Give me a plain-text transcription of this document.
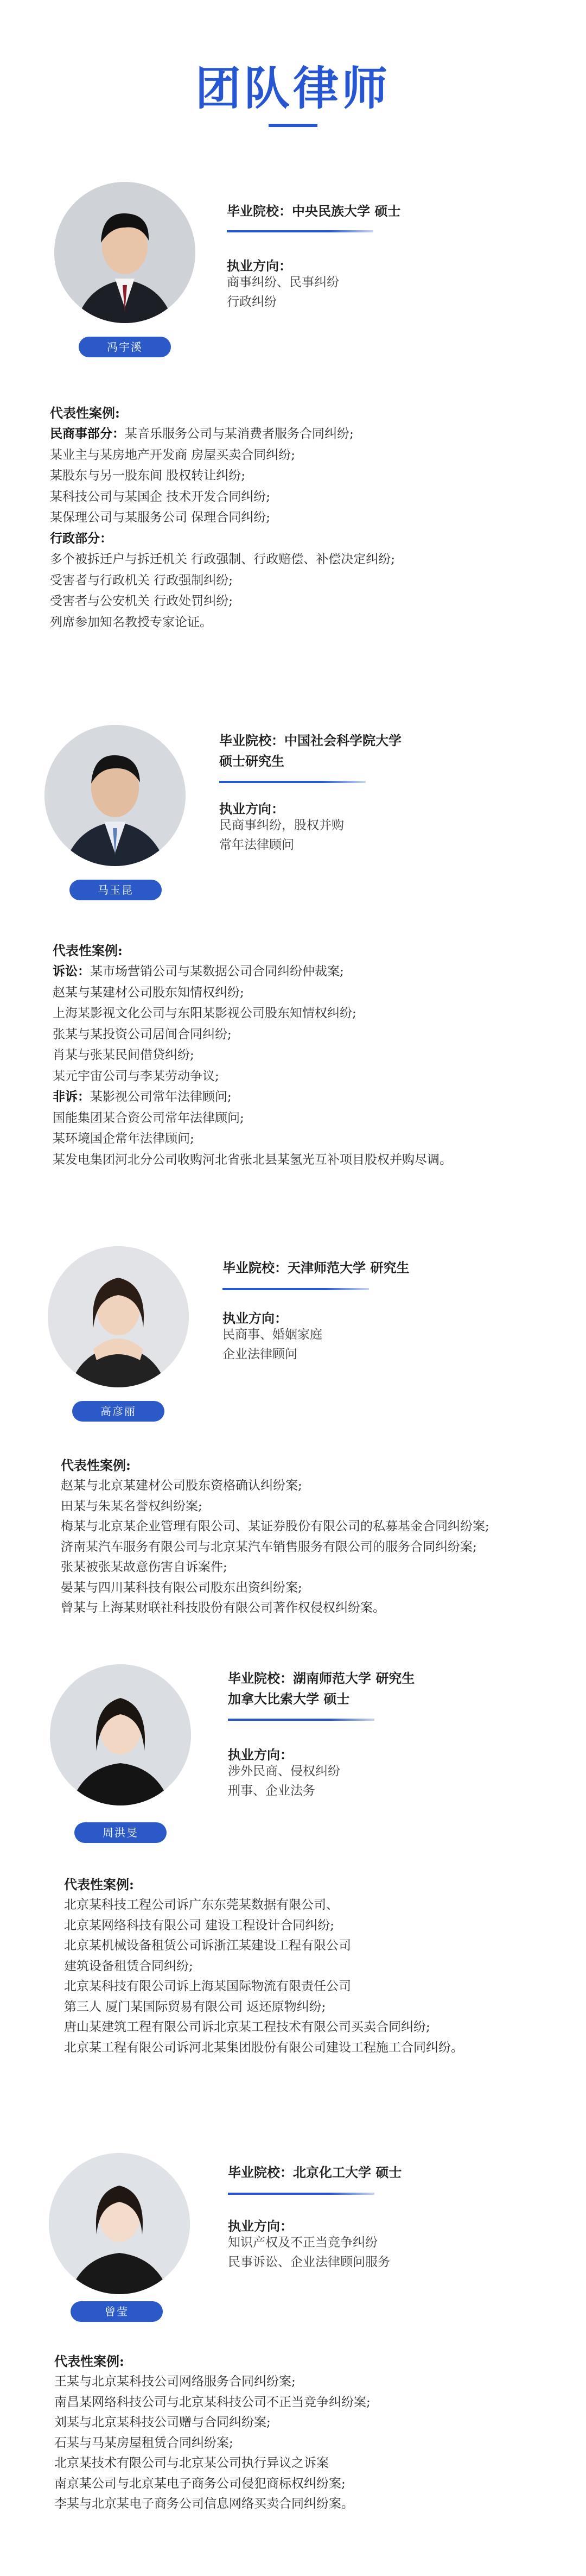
团队律师
冯宇溪
毕业院校：中央民族大学 硕士
执业方向：
商事纠纷、民事纠纷
行政纠纷
代表性案例:
民商事部分：某音乐服务公司与某消费者服务合同纠纷;
某业主与某房地产开发商 房屋买卖合同纠纷;
某股东与另一股东间 股权转让纠纷;
某科技公司与某国企 技术开发合同纠纷;
某保理公司与某服务公司 保理合同纠纷;
行政部分：
多个被拆迁户与拆迁机关 行政强制、行政赔偿、补偿决定纠纷;
受害者与行政机关 行政强制纠纷;
受害者与公安机关 行政处罚纠纷;
列席参加知名教授专家论证。
马玉昆
毕业院校：中国社会科学院大学
硕士研究生
执业方向：
民商事纠纷，股权并购
常年法律顾问
代表性案例:
诉讼：某市场营销公司与某数据公司合同纠纷仲裁案;
赵某与某建材公司股东知情权纠纷;
上海某影视文化公司与东阳某影视公司股东知情权纠纷;
张某与某投资公司居间合同纠纷;
肖某与张某民间借贷纠纷;
某元宇宙公司与李某劳动争议;
非诉：某影视公司常年法律顾问;
国能集团某合资公司常年法律顾问;
某环境国企常年法律顾问;
某发电集团河北分公司收购河北省张北县某氢光互补项目股权并购尽调。
高彦丽
毕业院校：天津师范大学 研究生
执业方向：
民商事、婚姻家庭
企业法律顾问
代表性案例:
赵某与北京某建材公司股东资格确认纠纷案;
田某与朱某名誉权纠纷案;
梅某与北京某企业管理有限公司、某证券股份有限公司的私募基金合同纠纷案;
济南某汽车服务有限公司与北京某汽车销售服务有限公司的服务合同纠纷案;
张某被张某故意伤害自诉案件;
晏某与四川某科技有限公司股东出资纠纷案;
曾某与上海某财联社科技股份有限公司著作权侵权纠纷案。
周洪旻
毕业院校：湖南师范大学 研究生
加拿大比索大学 硕士
执业方向：
涉外民商、侵权纠纷
刑事、企业法务
代表性案例:
北京某科技工程公司诉广东东莞某数据有限公司、
北京某网络科技有限公司 建设工程设计合同纠纷;
北京某机械设备租赁公司诉浙江某建设工程有限公司
建筑设备租赁合同纠纷;
北京某科技有限公司诉上海某国际物流有限责任公司
第三人 厦门某国际贸易有限公司 返还原物纠纷;
唐山某建筑工程有限公司诉北京某工程技术有限公司买卖合同纠纷;
北京某工程有限公司诉河北某集团股份有限公司建设工程施工合同纠纷。
曾莹
毕业院校：北京化工大学 硕士
执业方向：
知识产权及不正当竞争纠纷
民事诉讼、企业法律顾问服务
代表性案例:
王某与北京某科技公司网络服务合同纠纷案;
南昌某网络科技公司与北京某科技公司不正当竞争纠纷案;
刘某与北京某科技公司赠与合同纠纷案;
石某与马某房屋租赁合同纠纷案;
北京某技术有限公司与北京某公司执行异议之诉案
南京某公司与北京某电子商务公司侵犯商标权纠纷案;
李某与北京某电子商务公司信息网络买卖合同纠纷案。
